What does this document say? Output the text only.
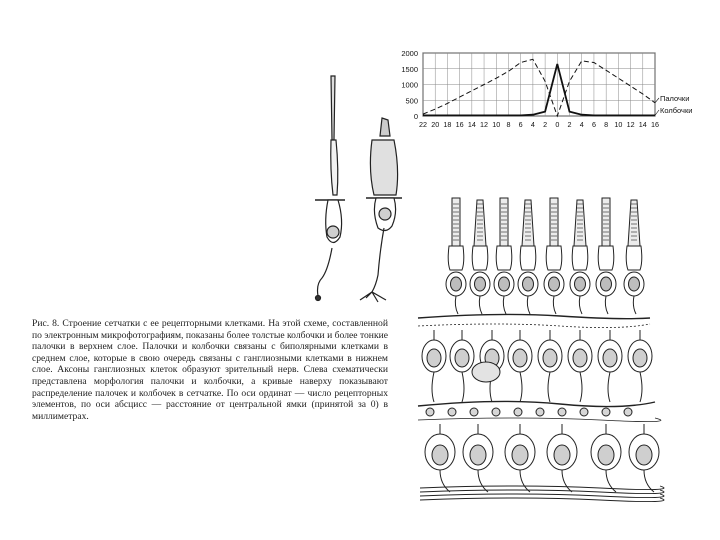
2000
1500
1000
500
0
22 20 18 16 14 12 10 8 6 4 2 0 2 4 6 8 10 12 14 16
Палочки
Колбочки
Рис. 8. Строение сетчатки с ее рецепторными клетками. На этой схеме, составленной по электронным микрофотографиям, показаны более толстые колбочки и более тонкие палочки в верхнем слое. Палочки и колбочки связаны с биполярными клетками в среднем слое, которые в свою очередь связаны с ганглиозными клетками в нижнем слое. Аксоны ганглиозных клеток образуют зрительный нерв. Слева схематически представлена морфология палочки и колбочки, а кривые наверху показывают распределение палочек и колбочек в сетчатке. По оси ординат — число рецепторных элементов, по оси абсцисс — расстояние от центральной ямки (принятой за 0) в миллиметрах.
